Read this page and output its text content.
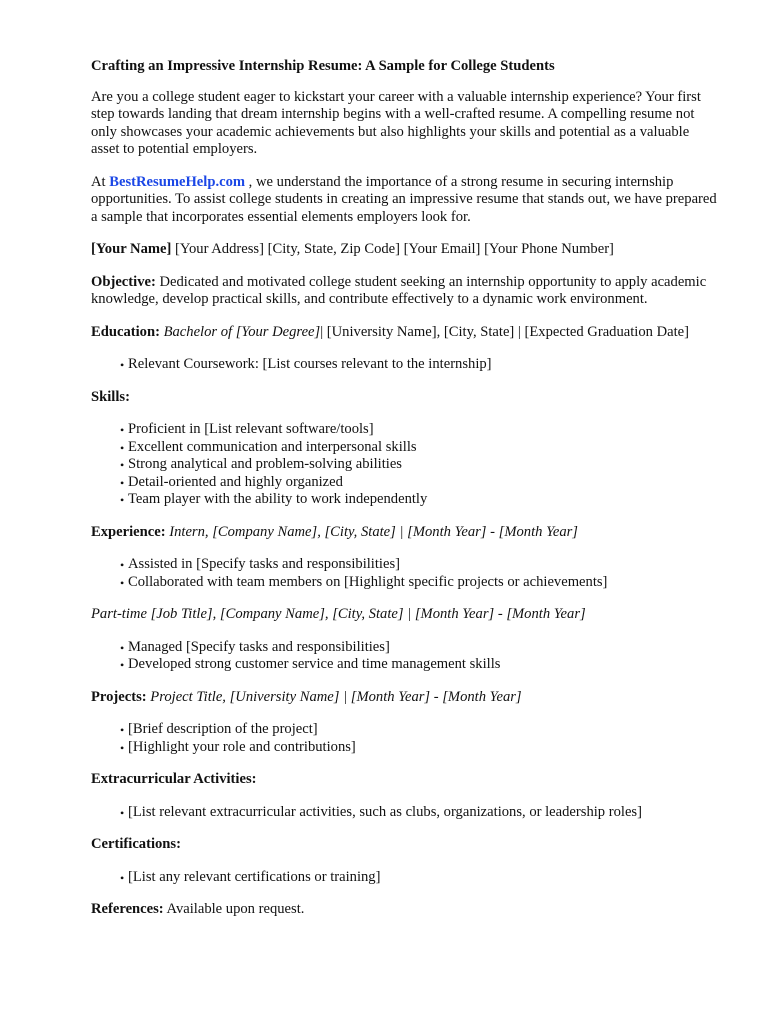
Crafting an Impressive Internship Resume: A Sample for College Students

Are you a college student eager to kickstart your career with a valuable internship experience? Your first step towards landing that dream internship begins with a well-crafted resume. A compelling resume not only showcases your academic achievements but also highlights your skills and potential as a valuable asset to potential employers.

At BestResumeHelp.com , we understand the importance of a strong resume in securing internship opportunities. To assist college students in creating an impressive resume that stands out, we have prepared a sample that incorporates essential elements employers look for.

[Your Name] [Your Address] [City, State, Zip Code] [Your Email] [Your Phone Number]

Objective: Dedicated and motivated college student seeking an internship opportunity to apply academic knowledge, develop practical skills, and contribute effectively to a dynamic work environment.

Education: Bachelor of [Your Degree]| [University Name], [City, State] | [Expected Graduation Date]

• Relevant Coursework: [List courses relevant to the internship]

Skills:

• Proficient in [List relevant software/tools]
• Excellent communication and interpersonal skills
• Strong analytical and problem-solving abilities
• Detail-oriented and highly organized
• Team player with the ability to work independently

Experience: Intern, [Company Name], [City, State] | [Month Year] - [Month Year]

• Assisted in [Specify tasks and responsibilities]
• Collaborated with team members on [Highlight specific projects or achievements]

Part-time [Job Title], [Company Name], [City, State] | [Month Year] - [Month Year]

• Managed [Specify tasks and responsibilities]
• Developed strong customer service and time management skills

Projects: Project Title, [University Name] | [Month Year] - [Month Year]

• [Brief description of the project]
• [Highlight your role and contributions]

Extracurricular Activities:

• [List relevant extracurricular activities, such as clubs, organizations, or leadership roles]

Certifications:

• [List any relevant certifications or training]

References: Available upon request.
